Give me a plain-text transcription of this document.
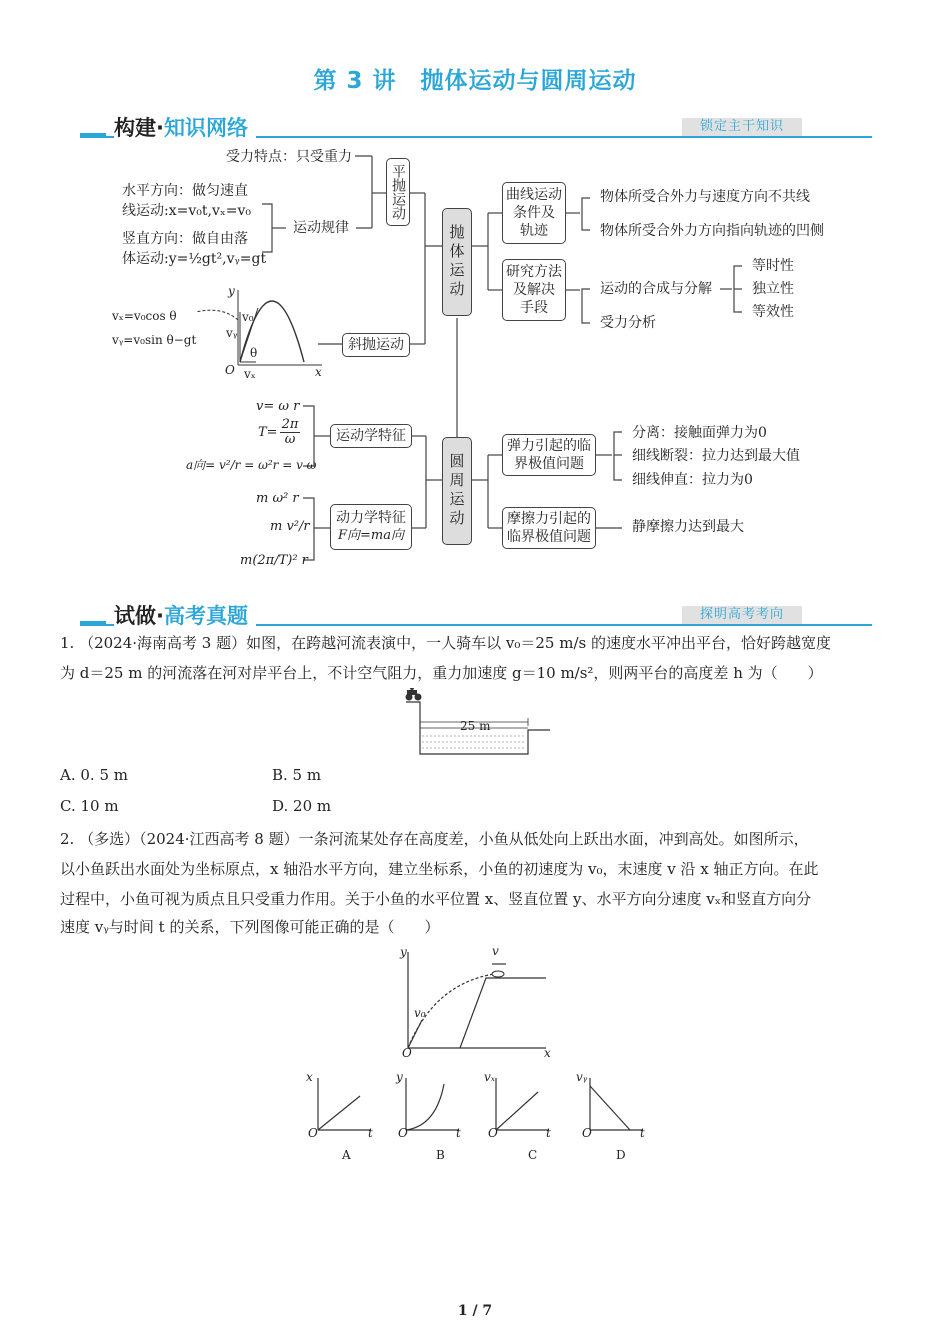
第 3 讲　抛体运动与圆周运动
构建·知识网络	锁定主干知识
受力特点：只受重力
水平方向：做匀速直
线运动:x=v₀t,vₓ=v₀
竖直方向：做自由落
体运动:y=½gt²,vᵧ=gt
运动规律
平抛运动
斜抛运动
vₓ=v₀cos θ
vᵧ=v₀sin θ−gt
y
x
O
v₀
vᵧ
vₓ
θ
抛体运动
曲线运动
条件及
轨迹
物体所受合外力与速度方向不共线
物体所受合外力方向指向轨迹的凹侧
研究方法
及解决
手段
运动的合成与分解
受力分析
等时性
独立性
等效性
圆周运动
运动学特征
v= ω r
$T= \frac{2\pi}{\omega}$
a向= v²/r = ω²r = v ω
动力学特征
F向=ma向
m ω² r
m v²/r
m(2π/T)² r
弹力引起的临
界极值问题
分离：接触面弹力为0
细线断裂：拉力达到最大值
细线伸直：拉力为0
摩擦力引起的
临界极值问题
静摩擦力达到最大
试做·高考真题	探明高考考向
1. （2024·海南高考 3 题）如图，在跨越河流表演中，一人骑车以 v₀＝25 m/s 的速度水平冲出平台，恰好跨越宽度
为 d＝25 m 的河流落在河对岸平台上，不计空气阻力，重力加速度 g＝10 m/s²，则两平台的高度差 h 为（　　）
25 m
A. 0. 5 m	B. 5 m
C. 10 m	D. 20 m
2. （多选）（2024·江西高考 8 题）一条河流某处存在高度差，小鱼从低处向上跃出水面，冲到高处。如图所示，
以小鱼跃出水面处为坐标原点，x 轴沿水平方向，建立坐标系，小鱼的初速度为 v₀，末速度 v 沿 x 轴正方向。在此
过程中，小鱼可视为质点且只受重力作用。关于小鱼的水平位置 x、竖直位置 y、水平方向分速度 vₓ和竖直方向分
速度 vᵧ与时间 t 的关系，下列图像可能正确的是（　　）
y
x
O
v
v₀
x
t
O
A
y
t
O
B
vₓ
t
O
C
vᵧ
t
O
D
1 / 7
